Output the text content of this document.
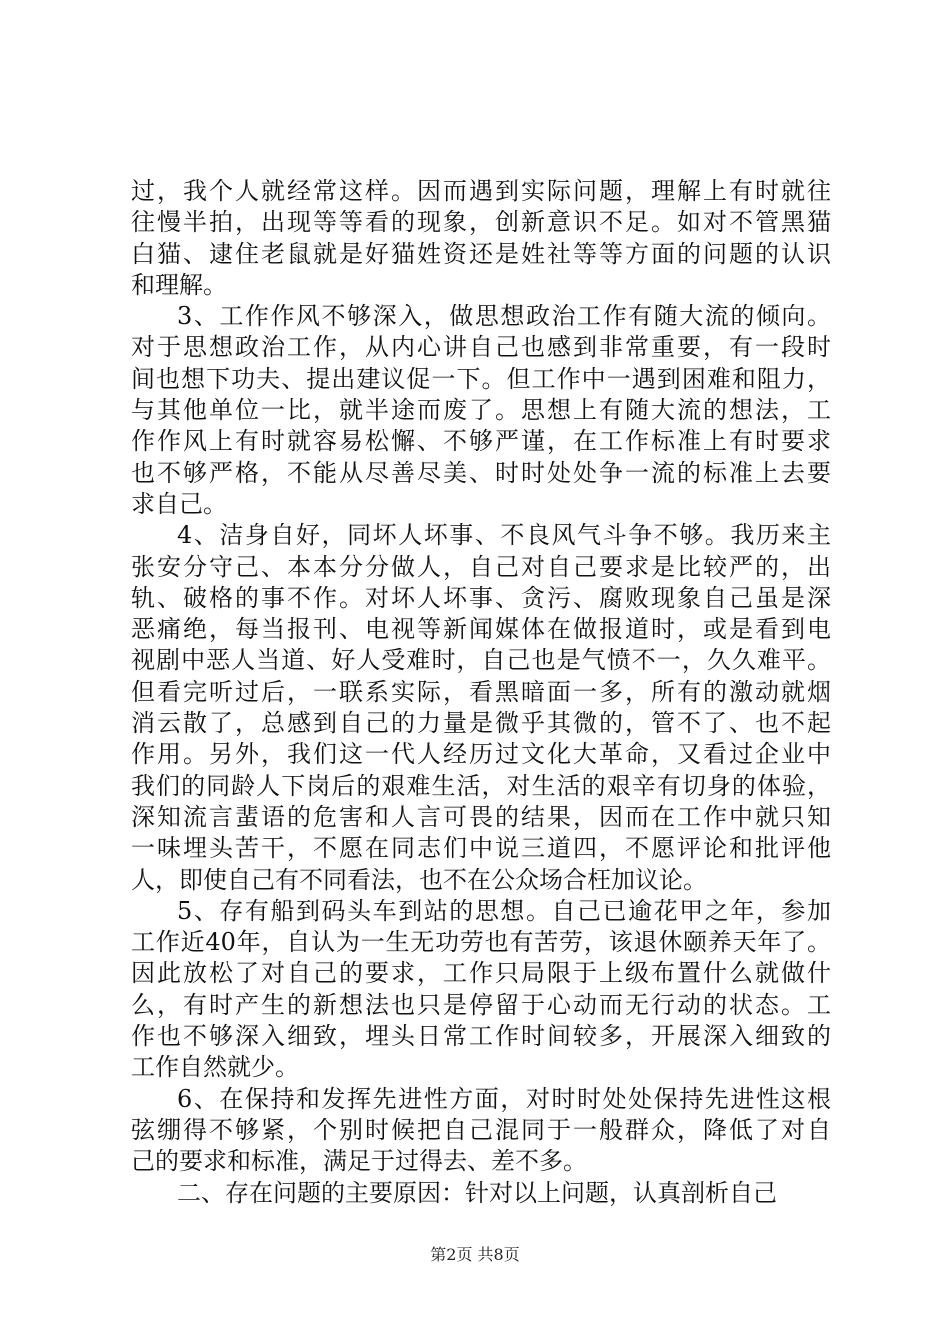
过，我个人就经常这样。因而遇到实际问题，理解上有时就往
往慢半拍，出现等等看的现象，创新意识不足。如对不管黑猫
白猫、逮住老鼠就是好猫姓资还是姓社等等方面的问题的认识
和理解。
3、工作作风不够深入，做思想政治工作有随大流的倾向。
对于思想政治工作，从内心讲自己也感到非常重要，有一段时
间也想下功夫、提出建议促一下。但工作中一遇到困难和阻力，
与其他单位一比，就半途而废了。思想上有随大流的想法，工
作作风上有时就容易松懈、不够严谨，在工作标准上有时要求
也不够严格，不能从尽善尽美、时时处处争一流的标准上去要
求自己。
4、洁身自好，同坏人坏事、不良风气斗争不够。我历来主
张安分守己、本本分分做人，自己对自己要求是比较严的，出
轨、破格的事不作。对坏人坏事、贪污、腐败现象自己虽是深
恶痛绝，每当报刊、电视等新闻媒体在做报道时，或是看到电
视剧中恶人当道、好人受难时，自己也是气愤不一，久久难平。
但看完听过后，一联系实际，看黑暗面一多，所有的激动就烟
消云散了，总感到自己的力量是微乎其微的，管不了、也不起
作用。另外，我们这一代人经历过文化大革命，又看过企业中
我们的同龄人下岗后的艰难生活，对生活的艰辛有切身的体验，
深知流言蜚语的危害和人言可畏的结果，因而在工作中就只知
一味埋头苦干，不愿在同志们中说三道四，不愿评论和批评他
人，即使自己有不同看法，也不在公众场合枉加议论。
5、存有船到码头车到站的思想。自己已逾花甲之年，参加
工作近40年，自认为一生无功劳也有苦劳，该退休颐养天年了。
因此放松了对自己的要求，工作只局限于上级布置什么就做什
么，有时产生的新想法也只是停留于心动而无行动的状态。工
作也不够深入细致，埋头日常工作时间较多，开展深入细致的
工作自然就少。
6、在保持和发挥先进性方面，对时时处处保持先进性这根
弦绷得不够紧，个别时候把自己混同于一般群众，降低了对自
己的要求和标准，满足于过得去、差不多。
二、存在问题的主要原因：针对以上问题，认真剖析自己
第2页 共8页
